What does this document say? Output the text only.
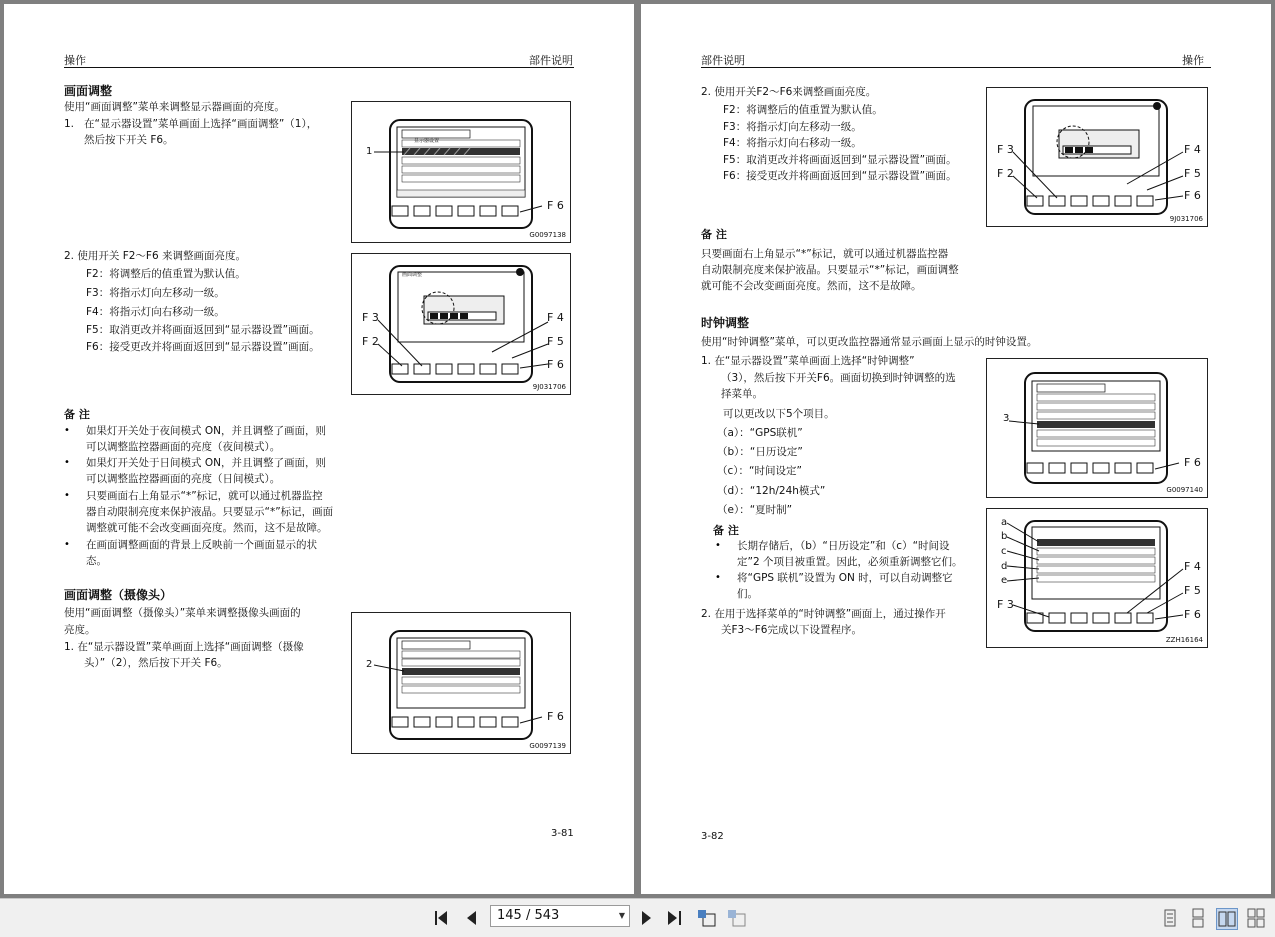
操作	部件说明
画面调整
使用“画面调整”菜单来调整显示器画面的亮度。
1. 在“显示器设置”菜单画面上选择“画面调整”（1），
然后按下开关 F6。
2. 使用开关 F2～F6 来调整画面亮度。
F2：将调整后的值重置为默认值。
F3：将指示灯向左移动一级。
F4：将指示灯向右移动一级。
F5：取消更改并将画面返回到“显示器设置”画面。
F6：接受更改并将画面返回到“显示器设置”画面。
备 注
• 如果灯开关处于夜间模式 ON，并且调整了画面，则
可以调整监控器画面的亮度（夜间模式）。
• 如果灯开关处于日间模式 ON，并且调整了画面，则
可以调整监控器画面的亮度（日间模式）。
• 只要画面右上角显示“*”标记，就可以通过机器监控
器自动限制亮度来保护液晶。只要显示“*”标记，画面
调整就可能不会改变画面亮度。然而，这不是故障。
• 在画面调整画面的背景上反映前一个画面显示的状
态。
画面调整（摄像头）
使用“画面调整（摄像头）”菜单来调整摄像头画面的
亮度。
1. 在“显示器设置”菜单画面上选择“画面调整（摄像
头）”（2），然后按下开关 F6。
1
F 6
显示器设置
G0097138
F 3
F 2
F 4
F 5
F 6
画面调整
9J031706
2
F 6
G0097139
3-81
部件说明	操作
2. 使用开关F2～F6来调整画面亮度。
F2：将调整后的值重置为默认值。
F3：将指示灯向左移动一级。
F4：将指示灯向右移动一级。
F5：取消更改并将画面返回到“显示器设置”画面。
F6：接受更改并将画面返回到“显示器设置”画面。
备 注
只要画面右上角显示“*”标记，就可以通过机器监控器
自动限制亮度来保护液晶。只要显示“*”标记，画面调整
就可能不会改变画面亮度。然而，这不是故障。
时钟调整
使用“时钟调整”菜单，可以更改监控器通常显示画面上显示的时钟设置。
1. 在“显示器设置”菜单画面上选择“时钟调整”
（3），然后按下开关F6。画面切换到时钟调整的选
择菜单。
可以更改以下5个项目。
（a）：“GPS联机”
（b）：“日历设定”
（c）：“时间设定”
（d）：“12h/24h模式”
（e）：“夏时制”
备 注
• 长期存储后，（b）“日历设定”和（c）“时间设
定”2 个项目被重置。因此，必须重新调整它们。
• 将“GPS 联机”设置为 ON 时，可以自动调整它
们。
2. 在用于选择菜单的“时钟调整”画面上，通过操作开
关F3～F6完成以下设置程序。
F 3
F 2
F 4
F 5
F 6
9J031706
3
F 6
G0097140
a
b
c
d
e
F 3
F 4
F 5
F 6
ZZH16164
3-82
145 / 543	▼
